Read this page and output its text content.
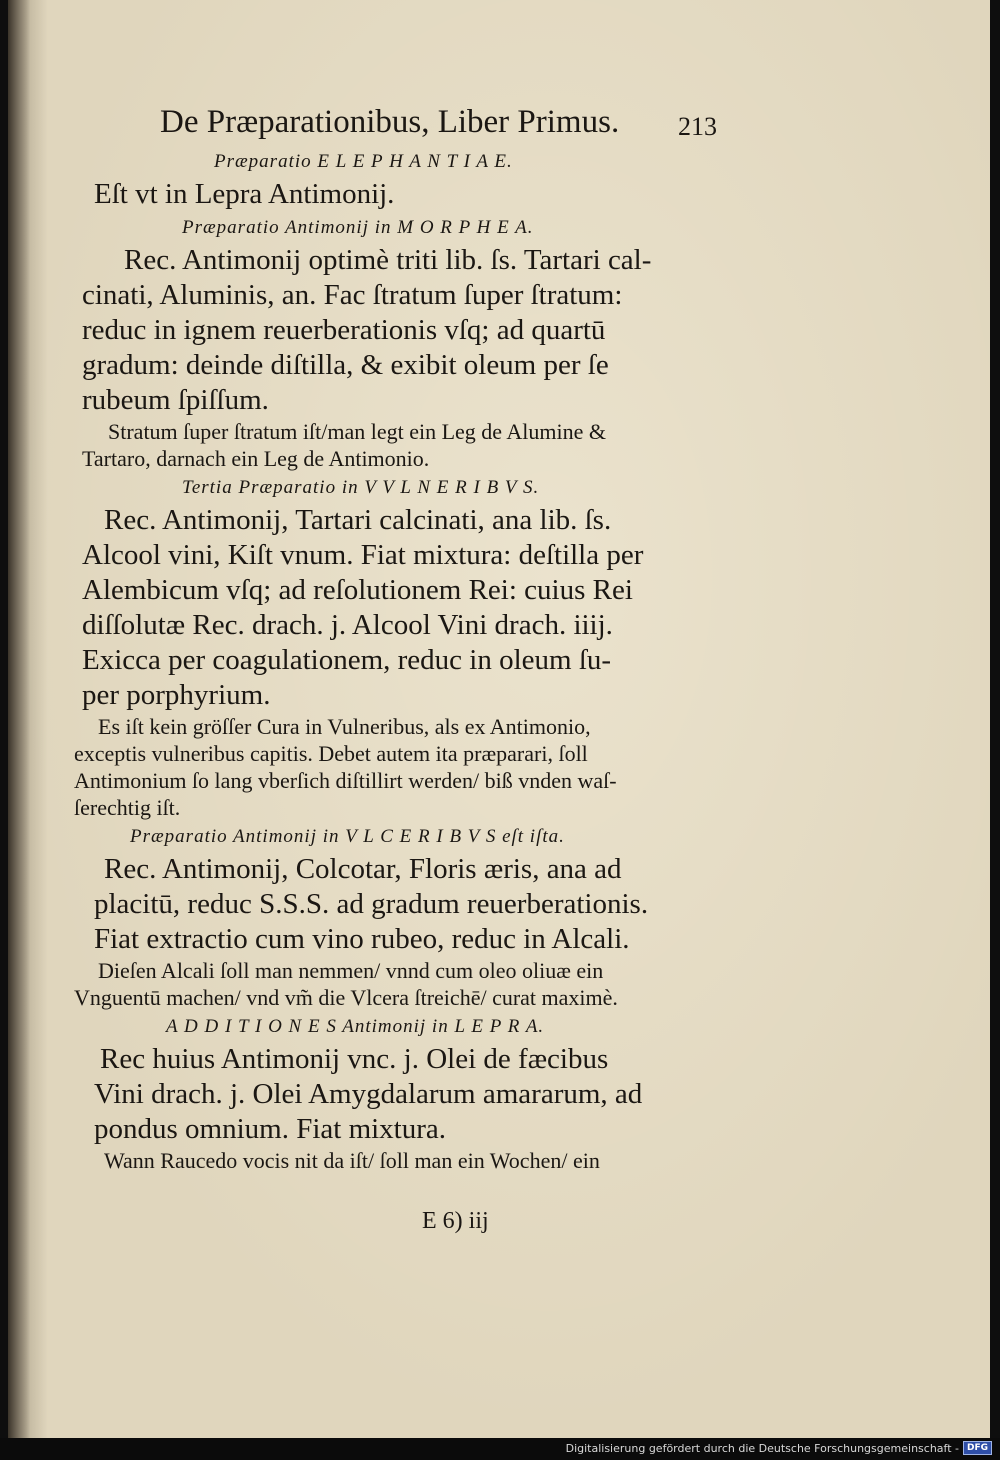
De Præparationibus, Liber Primus.	213
Præparatio E L E P H A N T I A E.
Eſt vt in Lepra Antimonij.
Præparatio Antimonij in M O R P H E A.
Rec. Antimonij optimè triti lib. ſs. Tartari cal-
cinati, Aluminis, an. Fac ſtratum ſuper ſtratum:
reduc in ignem reuerberationis vſq; ad quartū
gradum: deinde diſtilla, & exibit oleum per ſe
rubeum ſpiſſum.
Stratum ſuper ſtratum iſt/man legt ein Leg de Alumine &
Tartaro, darnach ein Leg de Antimonio.
Tertia Præparatio in V V L N E R I B V S.
Rec. Antimonij, Tartari calcinati, ana lib. ſs.
Alcool vini, Kiſt vnum. Fiat mixtura: deſtilla per
Alembicum vſq; ad reſolutionem Rei: cuius Rei
diſſolutæ Rec. drach. j. Alcool Vini drach. iiij.
Exicca per coagulationem, reduc in oleum ſu-
per porphyrium.
Es iſt kein gröſſer Cura in Vulneribus, als ex Antimonio,
exceptis vulneribus capitis. Debet autem ita præparari, ſoll
Antimonium ſo lang vberſich diſtillirt werden/ biß vnden waſ-
ſerechtig iſt.
Præparatio Antimonij in V L C E R I B V S eſt iſta.
Rec. Antimonij, Colcotar, Floris æris, ana ad
placitū, reduc S.S.S. ad gradum reuerberationis.
Fiat extractio cum vino rubeo, reduc in Alcali.
Dieſen Alcali ſoll man nemmen/ vnnd cum oleo oliuæ ein
Vnguentū machen/ vnd vm̃ die Vlcera ſtreichē/ curat maximè.
A D D I T I O N E S Antimonij in L E P R A.
Rec huius Antimonij vnc. j. Olei de fæcibus
Vini drach. j. Olei Amygdalarum amararum, ad
pondus omnium. Fiat mixtura.
Wann Raucedo vocis nit da iſt/ ſoll man ein Wochen/ ein
E 6) iij
Digitalisierung gefördert durch die Deutsche Forschungsgemeinschaft - DFG
